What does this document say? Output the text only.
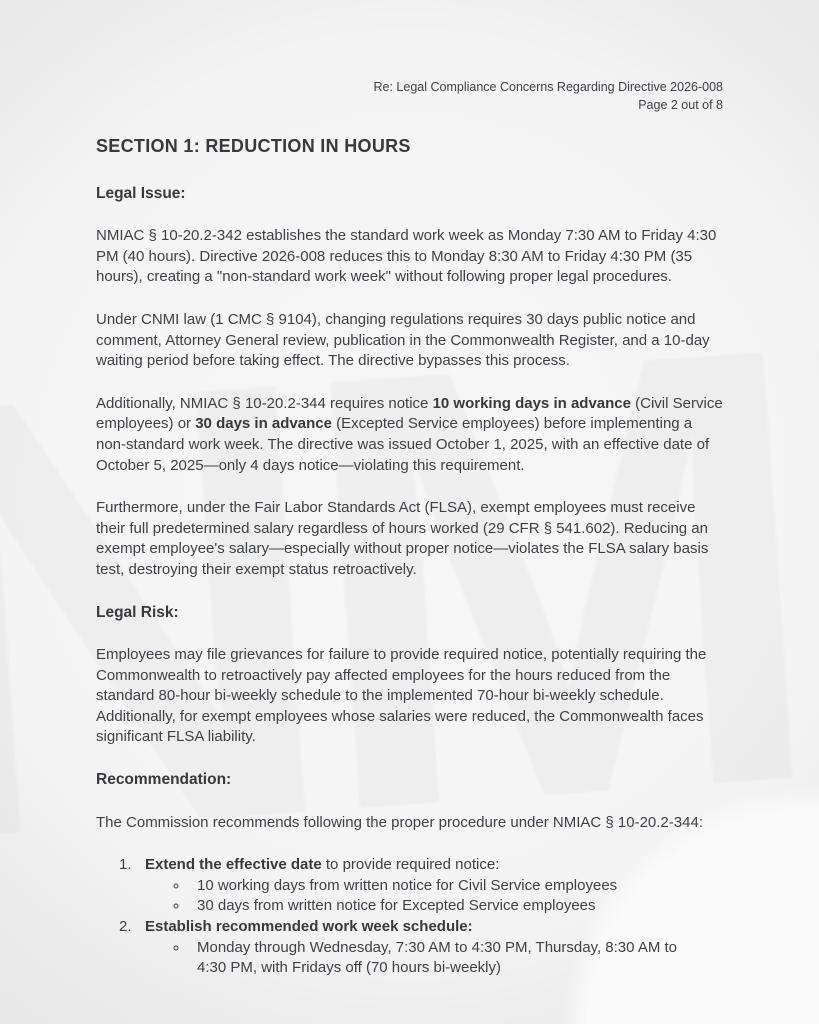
Re: Legal Compliance Concerns Regarding Directive 2026-008
Page 2 out of 8
SECTION 1: REDUCTION IN HOURS
Legal Issue:

NMIAC § 10-20.2-342 establishes the standard work week as Monday 7:30 AM to Friday 4:30 PM (40 hours). Directive 2026-008 reduces this to Monday 8:30 AM to Friday 4:30 PM (35 hours), creating a "non-standard work week" without following proper legal procedures.

Under CNMI law (1 CMC § 9104), changing regulations requires 30 days public notice and comment, Attorney General review, publication in the Commonwealth Register, and a 10-day waiting period before taking effect. The directive bypasses this process.

Additionally, NMIAC § 10-20.2-344 requires notice 10 working days in advance (Civil Service employees) or 30 days in advance (Excepted Service employees) before implementing a non-standard work week. The directive was issued October 1, 2025, with an effective date of October 5, 2025—only 4 days notice—violating this requirement.

Furthermore, under the Fair Labor Standards Act (FLSA), exempt employees must receive their full predetermined salary regardless of hours worked (29 CFR § 541.602). Reducing an exempt employee's salary—especially without proper notice—violates the FLSA salary basis test, destroying their exempt status retroactively.

Legal Risk:

Employees may file grievances for failure to provide required notice, potentially requiring the Commonwealth to retroactively pay affected employees for the hours reduced from the standard 80-hour bi-weekly schedule to the implemented 70-hour bi-weekly schedule. Additionally, for exempt employees whose salaries were reduced, the Commonwealth faces significant FLSA liability.

Recommendation:

The Commission recommends following the proper procedure under NMIAC § 10-20.2-344:

1. Extend the effective date to provide required notice:
◦ 10 working days from written notice for Civil Service employees
◦ 30 days from written notice for Excepted Service employees
2. Establish recommended work week schedule:
◦ Monday through Wednesday, 7:30 AM to 4:30 PM, Thursday, 8:30 AM to 4:30 PM, with Fridays off (70 hours bi-weekly)
